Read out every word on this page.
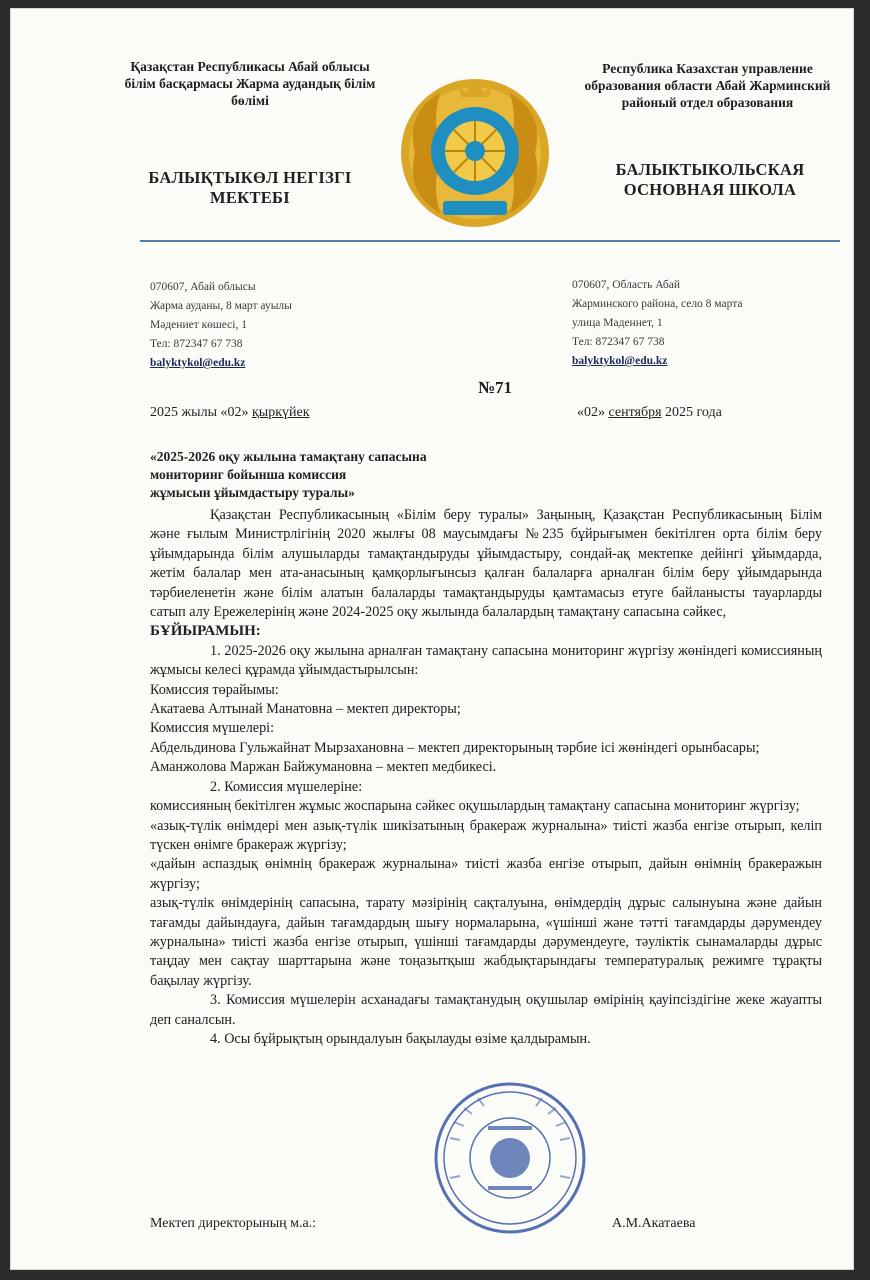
Қазақстан Республикасы Абай облысы білім басқармасы Жарма аудандық білім бөлімі
Республика Казахстан управление образования области Абай Жарминский районый отдел образования
БАЛЫҚТЫКӨЛ НЕГІЗГІ МЕКТЕБІ
БАЛЫКТЫКОЛЬСКАЯ ОСНОВНАЯ ШКОЛА
070607, Абай облысы
Жарма ауданы, 8 март ауылы
Мәдениет көшесі, 1
Тел: 872347 67 738
balyktykol@edu.kz
070607, Область Абай
Жарминского района, село 8 марта
улица Маденнет, 1
Тел: 872347 67 738
balyktykol@edu.kz
№71
2025 жылы «02» қыркүйек	«02» сентября 2025 года
«2025-2026 оқу жылына тамақтану сапасына
мониторинг бойынша комиссия
жұмысын ұйымдастыру туралы»

Қазақстан Республикасының «Білім беру туралы» Заңының, Қазақстан Республикасының Білім және ғылым Министрлігінің 2020 жылғы 08 маусымдағы №235 бұйрығымен бекітілген орта білім беру ұйымдарында білім алушыларды тамақтандыруды ұйымдастыру, сондай-ақ мектепке дейінгі ұйымдарда, жетім балалар мен ата-анасының қамқорлығынсыз қалған балаларға арналған білім беру ұйымдарында тәрбиеленетін және білім алатын балаларды тамақтандыруды қамтамасыз етуге байланысты тауарларды сатып алу Ережелерінің және 2024-2025 оқу жылында балалардың тамақтану сапасына сәйкес,

БҰЙЫРАМЫН:

1. 2025-2026 оқу жылына арналған тамақтану сапасына мониторинг жүргізу жөніндегі комиссияның жұмысы келесі құрамда ұйымдастырылсын:

Комиссия төрайымы:

Акатаева Алтынай Манатовна – мектеп директоры;

Комиссия мүшелері:

Абдельдинова Гульжайнат Мырзахановна – мектеп директорының тәрбие ісі жөніндегі орынбасары;

Аманжолова Маржан Байжумановна – мектеп медбикесі.

2. Комиссия мүшелеріне:

комиссияның бекітілген жұмыс жоспарына сәйкес оқушылардың тамақтану сапасына мониторинг жүргізу;

«азық-түлік өнімдері мен азық-түлік шикізатының бракераж журналына» тиісті жазба енгізе отырып, келіп түскен өнімге бракераж жүргізу;

«дайын аспаздық өнімнің бракераж журналына» тиісті жазба енгізе отырып, дайын өнімнің бракеражын жүргізу;

азық-түлік өнімдерінің сапасына, тарату мәзірінің сақталуына, өнімдердің дұрыс салынуына және дайын тағамды дайындауға, дайын тағамдардың шығу нормаларына, «үшінші және тәтті тағамдарды дәрумендеу журналына» тиісті жазба енгізе отырып, үшінші тағамдарды дәрумендеуге, тәуліктік сынамаларды дұрыс таңдау мен сақтау шарттарына және тоңазытқыш жабдықтарындағы температуралық режимге тұрақты бақылау жүргізу.

3. Комиссия мүшелерін асханадағы тамақтанудың оқушылар өмірінің қауіпсіздігіне жеке жауапты деп саналсын.

4. Осы бұйрықтың орындалуын бақылауды өзіме қалдырамын.

Мектеп директорының м.а.:	А.М.Акатаева
